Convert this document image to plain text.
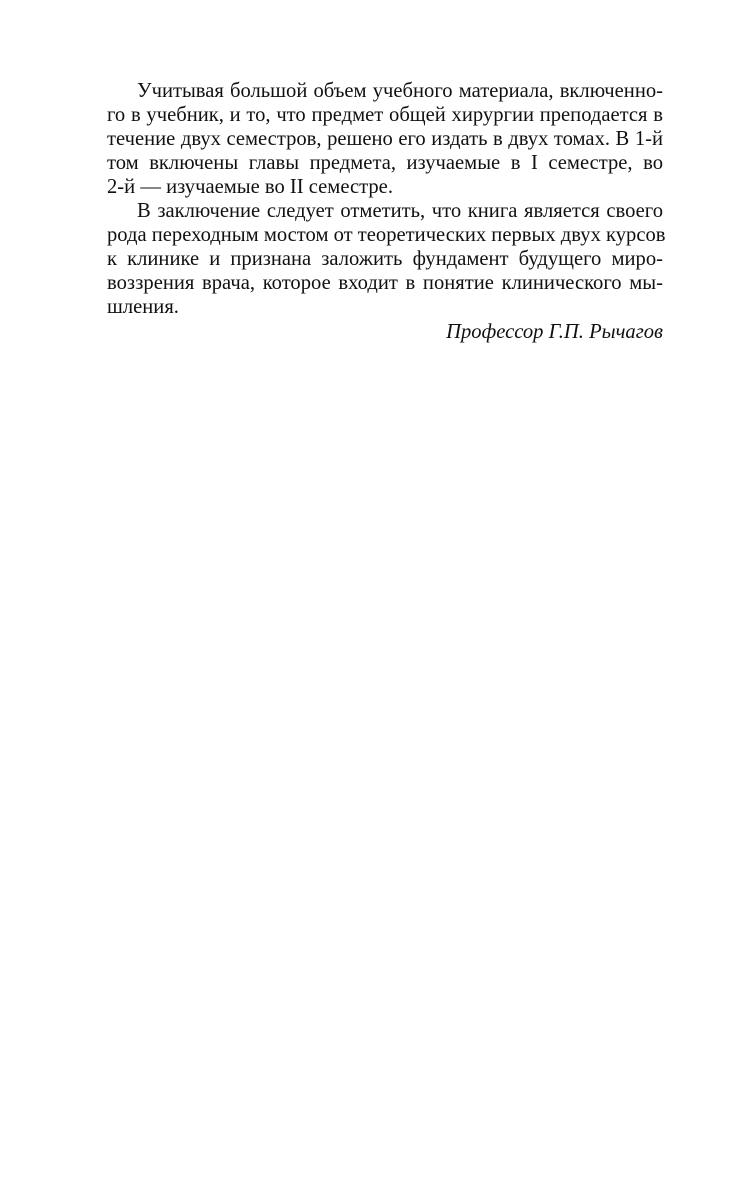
Учитывая большой объем учебного материала, включенно-
го в учебник, и то, что предмет общей хирургии преподается в
течение двух семестров, решено его издать в двух томах. В 1-й
том включены главы предмета, изучаемые в I семестре, во
2-й — изучаемые во II семестре.
В заключение следует отметить, что книга является своего
рода переходным мостом от теоретических первых двух курсов
к клинике и признана заложить фундамент будущего миро-
воззрения врача, которое входит в понятие клинического мы-
шления.

Профессор Г.П. Рычагов
